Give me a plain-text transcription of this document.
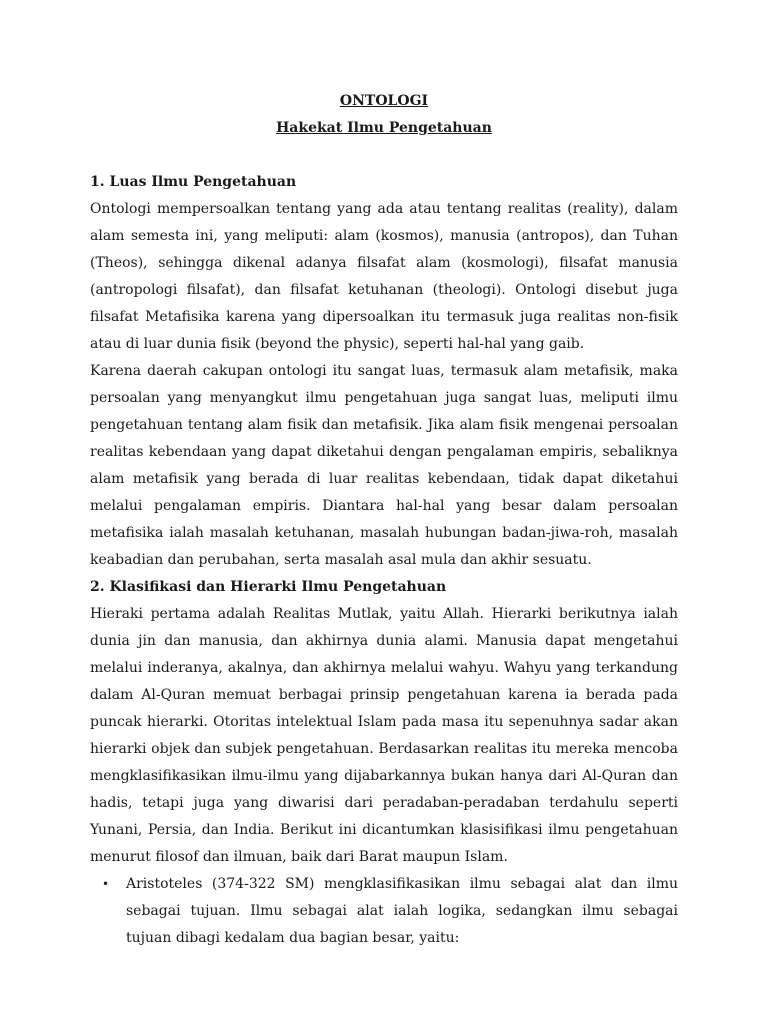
ONTOLOGI
Hakekat Ilmu Pengetahuan

1. Luas Ilmu Pengetahuan

Ontologi mempersoalkan tentang yang ada atau tentang realitas (reality), dalam alam semesta ini, yang meliputi: alam (kosmos), manusia (antropos), dan Tuhan (Theos), sehingga dikenal adanya filsafat alam (kosmologi), filsafat manusia (antropologi filsafat), dan filsafat ketuhanan (theologi). Ontologi disebut juga filsafat Metafisika karena yang dipersoalkan itu termasuk juga realitas non-fisik atau di luar dunia fisik (beyond the physic), seperti hal-hal yang gaib.

Karena daerah cakupan ontologi itu sangat luas, termasuk alam metafisik, maka persoalan yang menyangkut ilmu pengetahuan juga sangat luas, meliputi ilmu pengetahuan tentang alam fisik dan metafisik. Jika alam fisik mengenai persoalan realitas kebendaan yang dapat diketahui dengan pengalaman empiris, sebaliknya alam metafisik yang berada di luar realitas kebendaan, tidak dapat diketahui melalui pengalaman empiris. Diantara hal-hal yang besar dalam persoalan metafisika ialah masalah ketuhanan, masalah hubungan badan-jiwa-roh, masalah keabadian dan perubahan, serta masalah asal mula dan akhir sesuatu.

2. Klasifikasi dan Hierarki Ilmu Pengetahuan

Hieraki pertama adalah Realitas Mutlak, yaitu Allah. Hierarki berikutnya ialah dunia jin dan manusia, dan akhirnya dunia alami. Manusia dapat mengetahui melalui inderanya, akalnya, dan akhirnya melalui wahyu. Wahyu yang terkandung dalam Al-Quran memuat berbagai prinsip pengetahuan karena ia berada pada puncak hierarki. Otoritas intelektual Islam pada masa itu sepenuhnya sadar akan hierarki objek dan subjek pengetahuan. Berdasarkan realitas itu mereka mencoba mengklasifikasikan ilmu-ilmu yang dijabarkannya bukan hanya dari Al-Quran dan hadis, tetapi juga yang diwarisi dari peradaban-peradaban terdahulu seperti Yunani, Persia, dan India. Berikut ini dicantumkan klasisifikasi ilmu pengetahuan menurut filosof dan ilmuan, baik dari Barat maupun Islam.

• Aristoteles (374-322 SM) mengklasifikasikan ilmu sebagai alat dan ilmu sebagai tujuan. Ilmu sebagai alat ialah logika, sedangkan ilmu sebagai tujuan dibagi kedalam dua bagian besar, yaitu:
